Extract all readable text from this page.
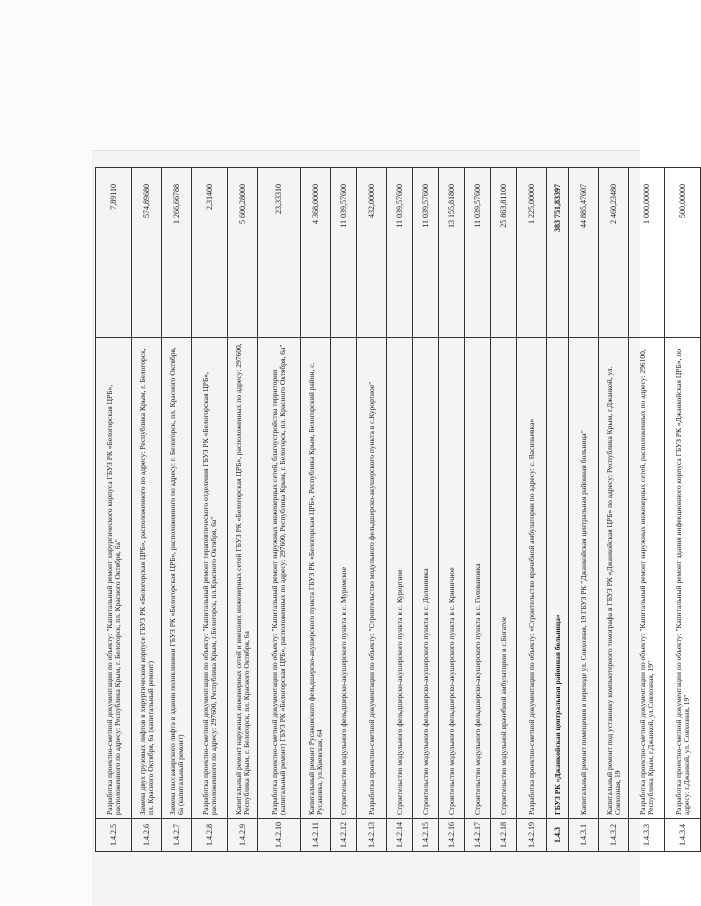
1.4.2.5	Разработка проектно-сметной документации по объекту: "Капитальный ремонт хирургического корпуса ГБУЗ РК «Белогорская ЦРБ», расположенного по адресу: Республика Крым, г. Белогорск, пл. Красного Октября, 6а"	7,89110
1.4.2.6	Замена двух грузовых лифтов в хирургическом корпусе ГБУЗ РК «Белогорская ЦРБ», расположенного по адресу: Республика Крым, г. Белогорск, пл. Красного Октября, 6а (капитальный ремонт)	574,89680
1.4.2.7	Замена пассажирского лифта в здании поликлиники ГБУЗ РК «Белогорская ЦРБ», расположенного по адресу: г. Белогорск, пл. Красного Октября, 6а (капитальный ремонт)	1 266,66788
1.4.2.8	Разработка проектно-сметной документации по объекту: "Капитальный ремонт терапевтического отделения ГБУЗ РК «Белогорская ЦРБ», расположенного по адресу: 297600, Республика Крым, г.Белогорск, пл.Красного Октября, 6а"	2,31400
1.4.2.9	Капитальный ремонт наружных инженерных сетей и внешних инженерных сетей ГБУЗ РК «Белогорская ЦРБ», расположенных по адресу: 297600, Республика Крым, г. Белогорск, пл. Красного Октября, 6а	5 600,28000
1.4.2.10	Разработка проектно-сметной документации по объекту: "Капитальный ремонт наружных инженерных сетей, благоустройства территории (капитальный ремонт) ГБУЗ РК «Белогорская ЦРБ», расположенных по адресу: 297600, Республика Крым, г. Белогорск, пл. Красного Октября, 6а"	23,33310
1.4.2.11	Капитальный ремонт Русаковского фельдшерско-акушерского пункта ГБУЗ РК «Белогорская ЦРБ», Республика Крым, Белогорский район, с. Русаковка, ул.Киевская, 64	4 368,00000
1.4.2.12	Строительство модульного фельдшерско-акушерского пункта в с. Муромское	11 039,57600
1.4.2.13	Разработка проектно-сметной документации по объекту: "Строительство модульного фельдшерско-акушерского пункта в с.Курортное"	432,00000
1.4.2.14	Строительство модульного фельдшерско-акушерского пункта в с. Курортное	11 039,57600
1.4.2.15	Строительство модульного фельдшерско-акушерского пункта в с. Долинивка	11 039,57600
1.4.2.16	Строительство модульного фельдшерско-акушерского пункта в с. Криничное	13 155,81800
1.4.2.17	Строительство модульного фельдшерско-акушерского пункта в с. Головановка	11 039,57600
1.4.2.18	Строительство модульной врачебной амбулатории в с.Богатое	25 863,81100
1.4.2.19	Разработка проектно-сметной документации по объекту: «Строительство врачебной амбулатории по адресу: с. Васильевка»	1 225,00000
1.4.3	ГБУЗ РК «Джанкойская центральная районная больница»	383 751,83397
1.4.3.1	Капитальный ремонт помещения в переходе ул. Совхозная, 19 ГБУЗ РК "Джанкойская центральная районная больница"	44 885,47607
1.4.3.2	Капитальный ремонт под установку компьютерного томографа в ГБУЗ РК «Джанкойская ЦРБ» по адресу: Республика Крым, г.Джанкой, ул. Совхозная, 19	2 460,23480
1.4.3.3	Разработка проектно-сметной документации по объекту: "Капитальный ремонт наружных инженерных сетей, расположенных по адресу: 296100, Республика Крым, г.Джанкой, ул.Совхозная, 19"	1 000,00000
1.4.3.4	Разработка проектно-сметной документации по объекту: "Капитальный ремонт здания инфекционного корпуса ГБУЗ РК «Джанкойская ЦРБ», по адресу: г.Джанкой, ул. Совхозная, 19"	500,00000
